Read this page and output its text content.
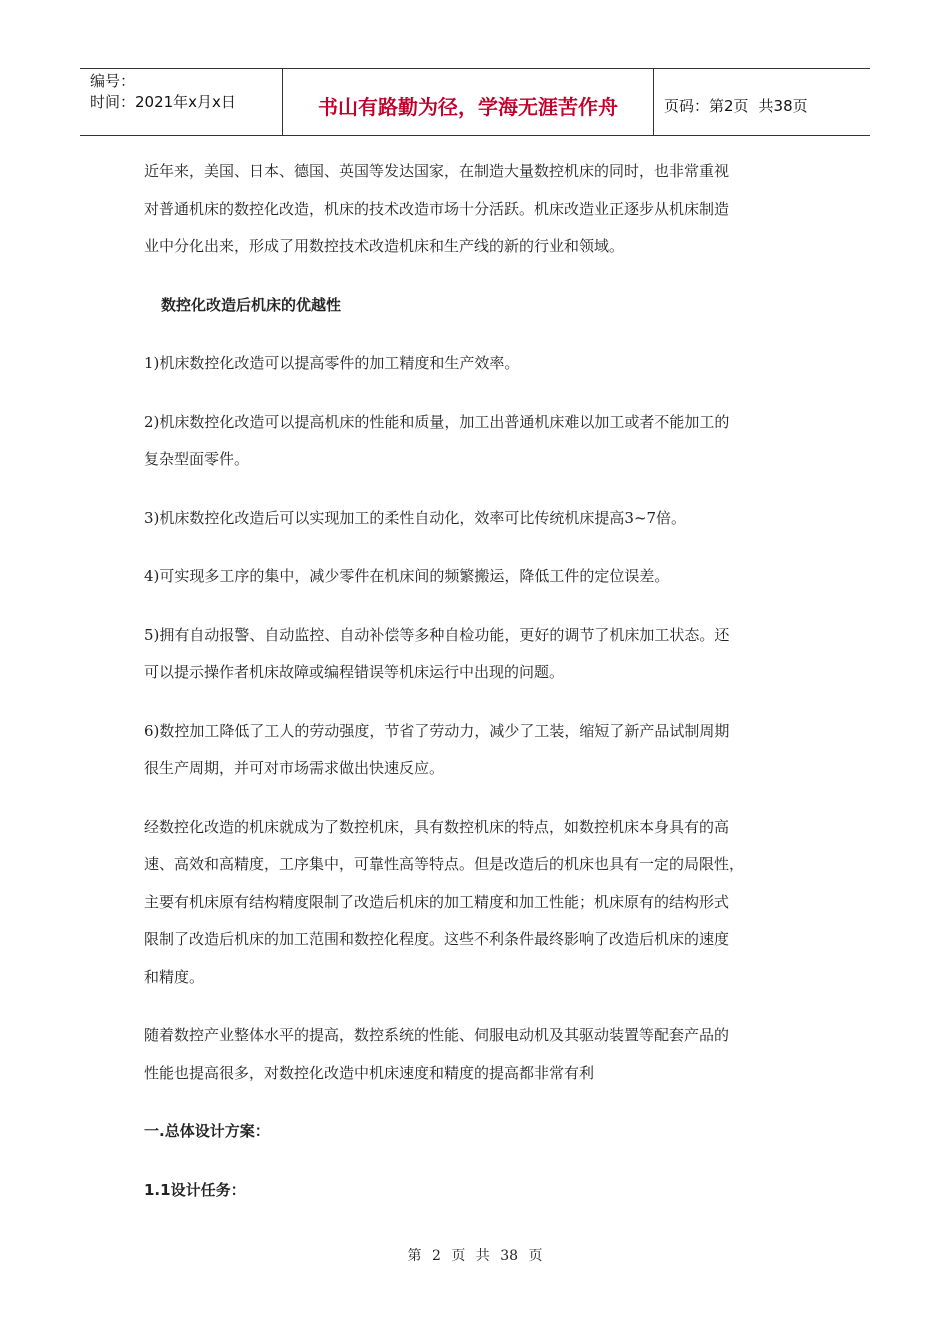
编号：
时间：2021年x月x日	书山有路勤为径，学海无涯苦作舟	页码：第2页 共38页
近年来，美国、日本、德国、英国等发达国家，在制造大量数控机床的同时，也非常重视
对普通机床的数控化改造，机床的技术改造市场十分活跃。机床改造业正逐步从机床制造
业中分化出来，形成了用数控技术改造机床和生产线的新的行业和领域。
数控化改造后机床的优越性
1)机床数控化改造可以提高零件的加工精度和生产效率。
2)机床数控化改造可以提高机床的性能和质量，加工出普通机床难以加工或者不能加工的
复杂型面零件。
3)机床数控化改造后可以实现加工的柔性自动化，效率可比传统机床提高3~7倍。
4)可实现多工序的集中，减少零件在机床间的频繁搬运，降低工件的定位误差。
5)拥有自动报警、自动监控、自动补偿等多种自检功能，更好的调节了机床加工状态。还
可以提示操作者机床故障或编程错误等机床运行中出现的问题。
6)数控加工降低了工人的劳动强度，节省了劳动力，减少了工装，缩短了新产品试制周期
很生产周期，并可对市场需求做出快速反应。
经数控化改造的机床就成为了数控机床，具有数控机床的特点，如数控机床本身具有的高
速、高效和高精度，工序集中，可靠性高等特点。但是改造后的机床也具有一定的局限性，
主要有机床原有结构精度限制了改造后机床的加工精度和加工性能；机床原有的结构形式
限制了改造后机床的加工范围和数控化程度。这些不利条件最终影响了改造后机床的速度
和精度。
随着数控产业整体水平的提高，数控系统的性能、伺服电动机及其驱动装置等配套产品的
性能也提高很多，对数控化改造中机床速度和精度的提高都非常有利
一.总体设计方案：
1.1设计任务：
第 2 页 共 38 页
